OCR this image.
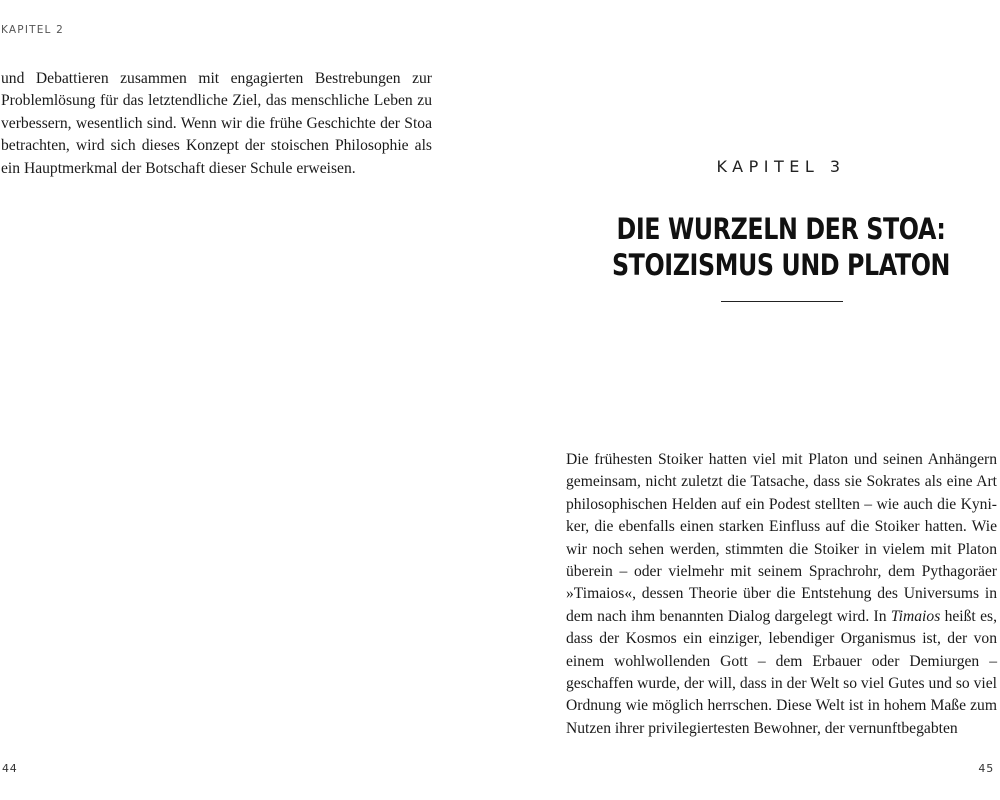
KAPITEL 2

und Debattieren zusammen mit engagierten Bestrebungen zur Problemlösung für das letztendliche Ziel, das menschliche Leben zu verbessern, wesentlich sind. Wenn wir die frühe Geschichte der Stoa betrachten, wird sich dieses Konzept der stoischen Philosophie als ein Hauptmerkmal der Botschaft dieser Schule erweisen.

44
KAPITEL 3
DIE WURZELN DER STOA:
STOIZISMUS UND PLATON

Die frühesten Stoiker hatten viel mit Platon und seinen Anhängern gemeinsam, nicht zuletzt die Tatsache, dass sie Sokrates als eine Art philosophischen Helden auf ein Podest stellten – wie auch die Kyniker, die ebenfalls einen starken Einfluss auf die Stoiker hatten. Wie wir noch sehen werden, stimmten die Stoiker in vielem mit Platon überein – oder vielmehr mit seinem Sprachrohr, dem Pythagoräer »Timaios«, dessen Theorie über die Entstehung des Universums in dem nach ihm benannten Dialog dargelegt wird. In Timaios heißt es, dass der Kosmos ein einziger, lebendiger Organismus ist, der von einem wohlwollenden Gott – dem Erbauer oder Demiurgen – geschaffen wurde, der will, dass in der Welt so viel Gutes und so viel Ordnung wie möglich herrschen. Diese Welt ist in hohem Maße zum Nutzen ihrer privilegiertesten Bewohner, der vernunftbegabten

45
